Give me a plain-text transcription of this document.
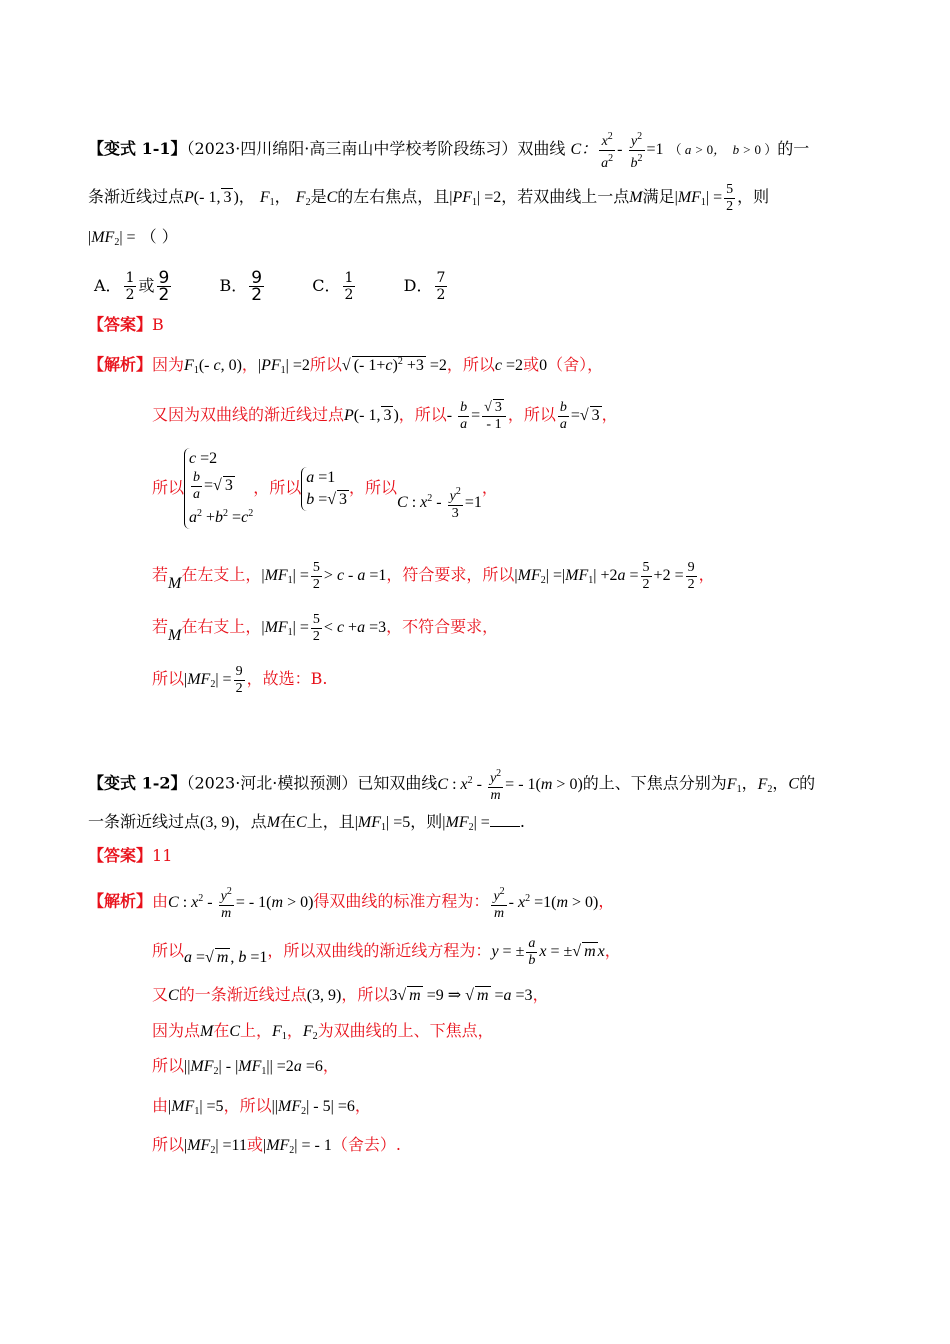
【变式 1-1】（2023·四川绵阳·高三南山中学校考阶段练习）双曲线 C： $\frac{x^2}{a^2} - \frac{y^2}{b^2} =1$ （ a > 0，  b > 0 ）的一
条渐近线过点P(- 1, 3 )， $F_1$， $F_2$是C的左右焦点，且$|PF_1| =2$，若双曲线上一点M满足$|MF_1| = \frac{5}{2}$ ，则
$|MF_2|$ = （ ）
A． $\frac{1}{2}$ 或 $\frac{9}{2}$	B． $\frac{9}{2}$	C． $\frac{1}{2}$	D． $\frac{7}{2}$
【答案】B
【解析】因为$F_1(-$ c, 0)，$|PF_1| =2$所以√ (- 1+c)$^2$ +3 =2，所以c =2或0（舍），
又因为双曲线的渐近线过点P(- 1, 3 )，所以- $\frac{b}{a} = \frac{√ 3}{- 1}$ ，所以 $\frac{b}{a}$ =√ 3 ，
所以
c =2
$\frac{b}{a}$ =√ 3
$a^2 +b^2 =c^2$
，所以
a =1
b =√ 3
，所以C : $x^2 - \frac{y^2}{3} =1$，
若M在左支上，$|MF_1| = \frac{5}{2} > c - a =1$，符合要求，所以$|MF_2| =|MF_1| +2a = \frac{5}{2} +2 = \frac{9}{2}$ ，
若M在右支上，$|MF_1| = \frac{5}{2} < c +a =3$，不符合要求，
所以$|MF_2| = \frac{9}{2}$ ，故选：B.
【变式 1-2】（2023·河北·模拟预测）已知双曲线C : $x^2 - \frac{y^2}{m}$ = - 1(m > 0)的上、下焦点分别为$F_1$，$F_2$，C的
一条渐近线过点(3, 9)，点M在C上，且$|MF_1| =5$，则$|MF_2|$ = .
【答案】11
【解析】由C : $x^2 - \frac{y^2}{m}$ = - 1(m > 0)得双曲线的标准方程为： $\frac{y^2}{m} - x^2 =1(m > 0)$，
所以a =√ m , b =1，所以双曲线的渐近线方程为：y = ± $\frac{a}{b}$ x = ±√ m x，
又C的一条渐近线过点(3, 9)，所以3√ m =9 ⇒ √ m =a =3，
因为点M在C上，$F_1$，$F_2$为双曲线的上、下焦点，
所以$||MF_2| - |MF_1|| =2a =6$，
由$|MF_1| =5$，所以$||MF_2| - 5| =6$，
所以$|MF_2| =11$或$|MF_2|$ = - 1（舍去）.
